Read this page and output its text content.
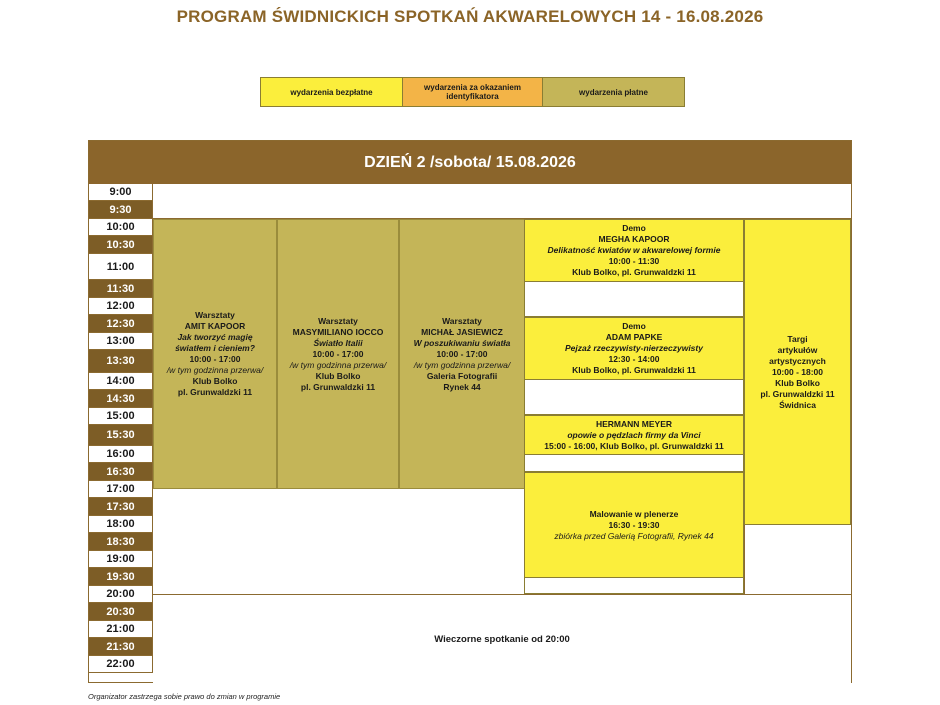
PROGRAM ŚWIDNICKICH SPOTKAŃ AKWARELOWYCH 14 - 16.08.2026
wydarzenia bezpłatne	wydarzenia za okazaniem identyfikatora	wydarzenia płatne
DZIEŃ 2 /sobota/ 15.08.2026
9:00
9:30
10:00
10:30
11:00
11:30
12:00
12:30
13:00
13:30
14:00
14:30
15:00
15:30
16:00
16:30
17:00
17:30
18:00
18:30
19:00
19:30
20:00
20:30
21:00
21:30
22:00
Warsztaty
AMIT KAPOOR
Jak tworzyć magię
światłem i cieniem?
10:00 - 17:00
/w tym godzinna przerwa/
Klub Bolko
pl. Grunwaldzki 11
Warsztaty
MASYMILIANO IOCCO
Światło Italii
10:00 - 17:00
/w tym godzinna przerwa/
Klub Bolko
pl. Grunwaldzki 11
Warsztaty
MICHAŁ JASIEWICZ
W poszukiwaniu światła
10:00 - 17:00
/w tym godzinna przerwa/
Galeria Fotografii
Rynek 44
Demo
MEGHA KAPOOR
Delikatność kwiatów w akwarelowej formie
10:00 - 11:30
Klub Bolko, pl. Grunwaldzki 11
Demo
ADAM PAPKE
Pejzaż rzeczywisty-nierzeczywisty
12:30 - 14:00
Klub Bolko, pl. Grunwaldzki 11
HERMANN MEYER
opowie o pędzlach firmy da Vinci
15:00 - 16:00, Klub Bolko, pl. Grunwaldzki 11
Malowanie w plenerze
16:30 - 19:30
zbiórka przed Galerią Fotografii, Rynek 44
Targi
artykułów
artystycznych
10:00 - 18:00
Klub Bolko
pl. Grunwaldzki 11
Świdnica
Wieczorne spotkanie od 20:00
Organizator zastrzega sobie prawo do zmian w programie
